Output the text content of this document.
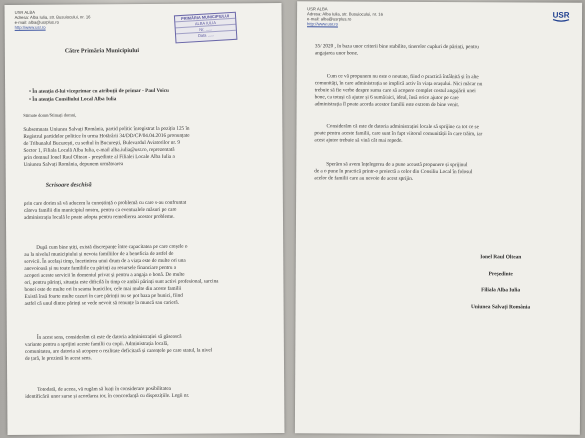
USR ALBA
Adresa: Alba Iulia, str. Busuiocului, nr. 16
e-mail: alba@usrplus.ro
http://www.usr.ro
PRIMĂRIA MUNICIPIULUI
ALBA IULIA
Nr. ......
Data ......
Către Primăria Municipiului
• În atenția d-lui viceprimar cu atribuții de primar - Paul Voicu
• În atenția Consiliului Local Alba Iulia
Stimate domn/Stimați domni,
Subsemnata Uniunea Salvați România, partid politic înregistrat la poziția 125 în
Registrul partidelor politice în urma Hotărârii 34/DD/CP/04.04.2016 pronunțate
de Tribunalul București, cu sediul în București, Bulevardul Aviatorilor nr. 9
Sector 1, Filiala Locală Alba Iulia, e-mail alba.iulia@usr.ro, reprezentată
prin domnul Ionel Raul Oltean - președinte al Filialei Locale Alba Iulia a
Uniunea Salvați România, depunem următoarea
Scrisoare deschisă
prin care dorim să vă aducem la cunoștință o problemă cu care s-au confruntat
câteva familii din municipiul nostru, pentru ca eventualele măsuri pe care
administrația locală le poate adopta pentru remedierea acestor probleme.
După cum bine știți, există discrepanțe între capacitatea pe care creșele o
au la nivelul municipiului și nevoia familiilor de a beneficia de astfel de
servicii. În același timp, încetinirea unui drum de a viața este de multe ori una
anevoioasă și nu toate familiile cu părinți au resursele financiare pentru a
acoperi aceste servicii în domeniul privat și pentru a angaja o bonă. De multe
ori, pentru părinți, situația este dificilă în timp ce ambii părinți sunt activi profesional, sarcina
bonei este de multe ori în seama bunicilor, cele mai multe din aceste familii
Există însă foarte multe cazuri în care părinții nu se pot baza pe bunici, fiind
astfel că unul dintre părinți se vede nevoit să renunțe la muncă sau carieră.
În acest sens, considerăm că este de datoria administrației să găsească
variante pentru a sprijini aceste familii cu copii. Administrația locală,
comunitatea, are datoria să acopere o realitate deficitară și carențele pe care statul, la nivel
de țară, le prezintă în acest sens.
Totodată, de aceea, vă rugăm să luați în considerare posibilitatea
identificării unor surse și acordarea ior, în concordanță cu dispozițiile. Legii nr.
USR ALBA
Adresa: Alba Iulia, str. Busuiocului, nr. 16
e-mail: alba@usrplus.ro
http://www.usr.ro
USR
35/ 2020 , în baza unor criterii bine stabilite, tinerelor cupluri de părinți, pentru
angajarea unor bone.
Cum ce vă propunem nu este o noutate, fiind o practică întâlnită și în alte
comunități, în care administrația se implică activ în viața orașului. Nici măcar nu
trebuie să fie verbe despre suma care să acopere complet costul angajării unei
bone, ca totuși că ajutor și 6 sumă/aici, ideal, însă orice ajutor pe care
administrația îl poate acorda acestor familii este extrem de bine venit.
Considerăm că este de datoria administrației locale să sprijine ca tot ce se
poate pentru aceste familii, care sunt în fapt viitorul comunității în care trăim, iar
acest ajutor trebuie să vină cât mai repede.
Sperăm să avem înțelegerea de a pune această propunere și sprijinul
de a o pune în practică printr-o proiectă a celor din Consiliu Local în folosul
acelor de familii care au nevoie de acest sprijin.
Ionel Raul Oltean
Președinte
Filiala Alba Iulia
Uniunea Salvați România
